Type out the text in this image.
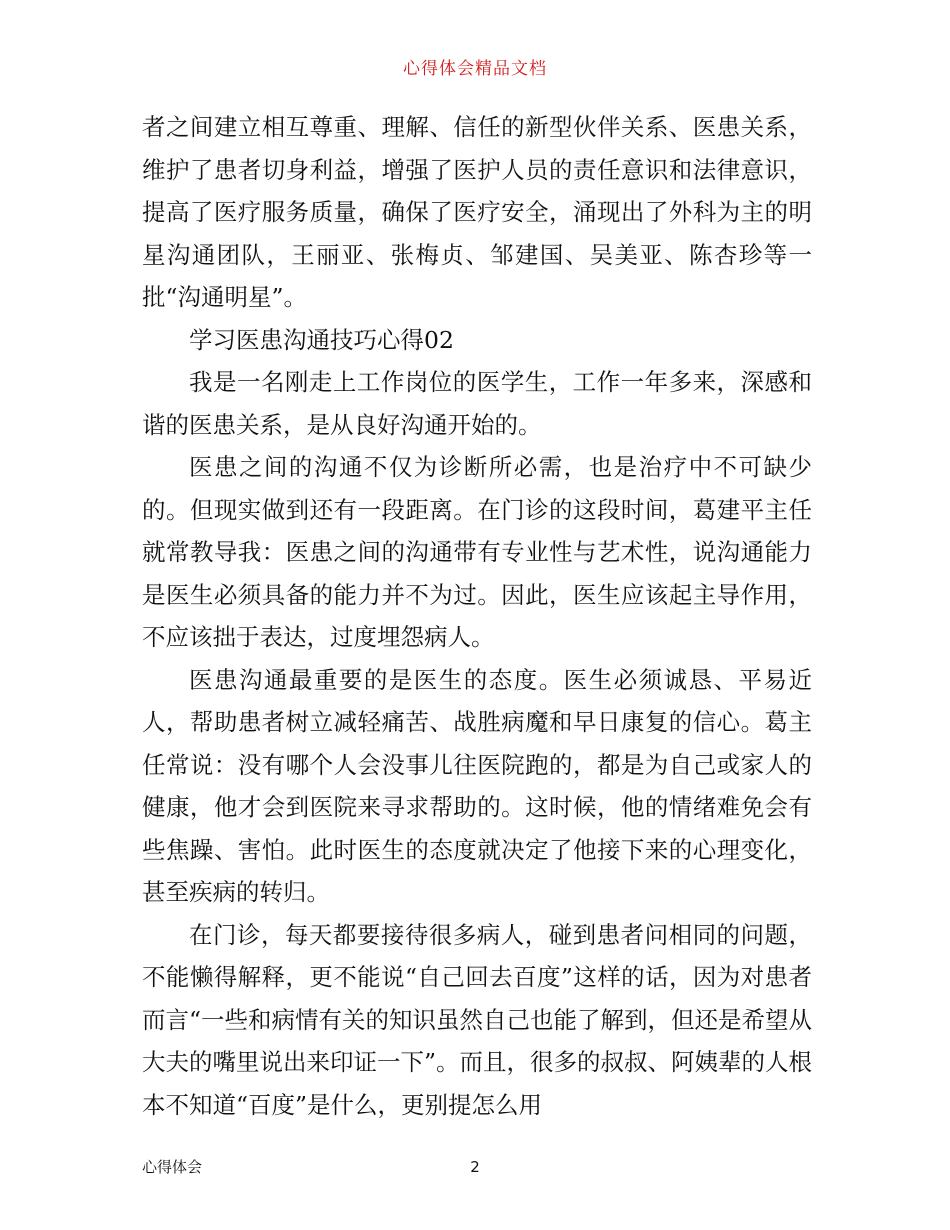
心得体会精品文档

者之间建立相互尊重、理解、信任的新型伙伴关系、医患关系，维护了患者切身利益，增强了医护人员的责任意识和法律意识，提高了医疗服务质量，确保了医疗安全，涌现出了外科为主的明星沟通团队，王丽亚、张梅贞、邹建国、吴美亚、陈杏珍等一批“沟通明星”。

学习医患沟通技巧心得02

我是一名刚走上工作岗位的医学生，工作一年多来，深感和谐的医患关系，是从良好沟通开始的。

医患之间的沟通不仅为诊断所必需，也是治疗中不可缺少的。但现实做到还有一段距离。在门诊的这段时间，葛建平主任就常教导我：医患之间的沟通带有专业性与艺术性，说沟通能力是医生必须具备的能力并不为过。因此，医生应该起主导作用，不应该拙于表达，过度埋怨病人。

医患沟通最重要的是医生的态度。医生必须诚恳、平易近人，帮助患者树立减轻痛苦、战胜病魔和早日康复的信心。葛主任常说：没有哪个人会没事儿往医院跑的，都是为自己或家人的健康，他才会到医院来寻求帮助的。这时候，他的情绪难免会有些焦躁、害怕。此时医生的态度就决定了他接下来的心理变化，甚至疾病的转归。

在门诊，每天都要接待很多病人，碰到患者问相同的问题，不能懒得解释，更不能说“自己回去百度”这样的话，因为对患者而言“一些和病情有关的知识虽然自己也能了解到，但还是希望从大夫的嘴里说出来印证一下”。而且，很多的叔叔、阿姨辈的人根本不知道“百度”是什么，更别提怎么用

心得体会	2
